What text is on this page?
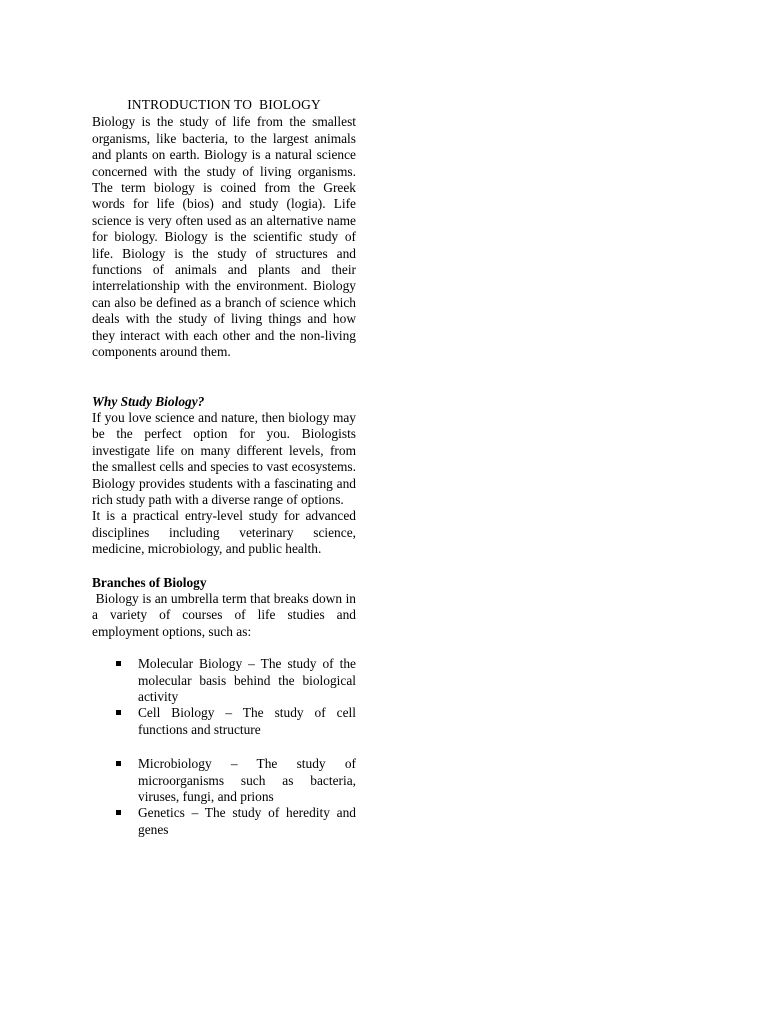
INTRODUCTION TO  BIOLOGY

Biology is the study of life from the smallest organisms, like bacteria, to the largest animals and plants on earth. Biology is a natural science concerned with the study of living organisms. The term biology is coined from the Greek words for life (bios) and study (logia). Life science is very often used as an alternative name for biology. Biology is the scientific study of life. Biology is the study of structures and functions of animals and plants and their interrelationship with the environment. Biology can also be defined as a branch of science which deals with the study of living things and how they interact with each other and the non-living components around them.

Why Study Biology?

If you love science and nature, then biology may be the perfect option for you. Biologists investigate life on many different levels, from the smallest cells and species to vast ecosystems. Biology provides students with a fascinating and rich study path with a diverse range of options.

It is a practical entry-level study for advanced disciplines including veterinary science, medicine, microbiology, and public health.

Branches of Biology

Biology is an umbrella term that breaks down in a variety of courses of life studies and employment options, such as:

Molecular Biology – The study of the molecular basis behind the biological activity
Cell Biology – The study of cell functions and structure
Microbiology – The study of microorganisms such as bacteria, viruses, fungi, and prions
Genetics – The study of heredity and genes
